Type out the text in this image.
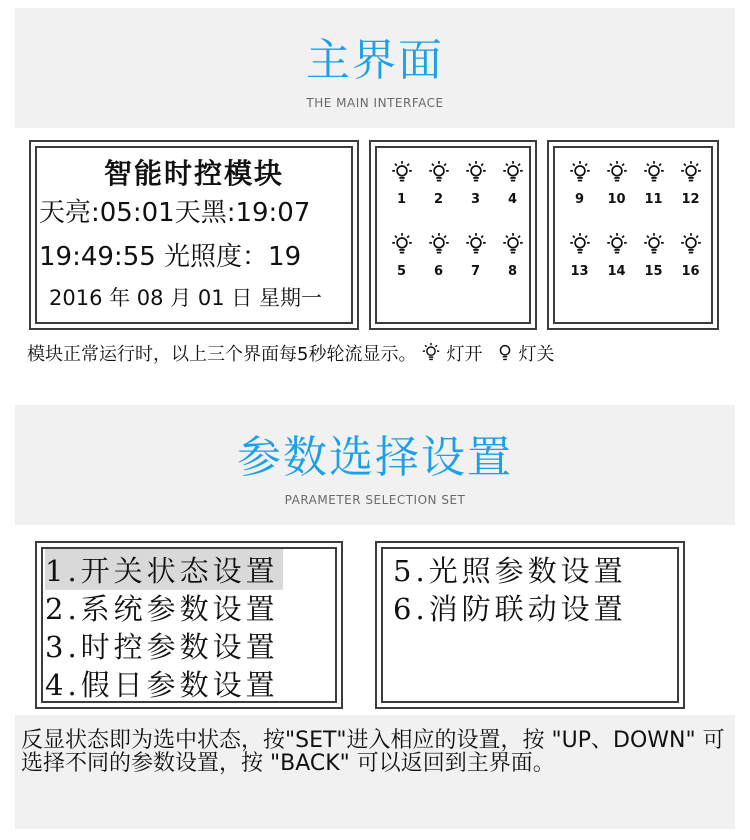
主界面
THE MAIN INTERFACE
智能时控模块
天亮:05:01天黑:19:07
19:49:55 光照度：19
2016 年 08 月 01 日 星期一
1 2 3 4
5 6 7 8
9 10 11 12
13 14 15 16
模块正常运行时，以上三个界面每5秒轮流显示。 灯开 灯关
参数选择设置
PARAMETER SELECTION SET
1.开关状态设置
2.系统参数设置
3.时控参数设置
4.假日参数设置
5.光照参数设置
6.消防联动设置
反显状态即为选中状态，按"SET"进入相应的设置，按 "UP、DOWN" 可选择不同的参数设置，按 "BACK" 可以返回到主界面。
